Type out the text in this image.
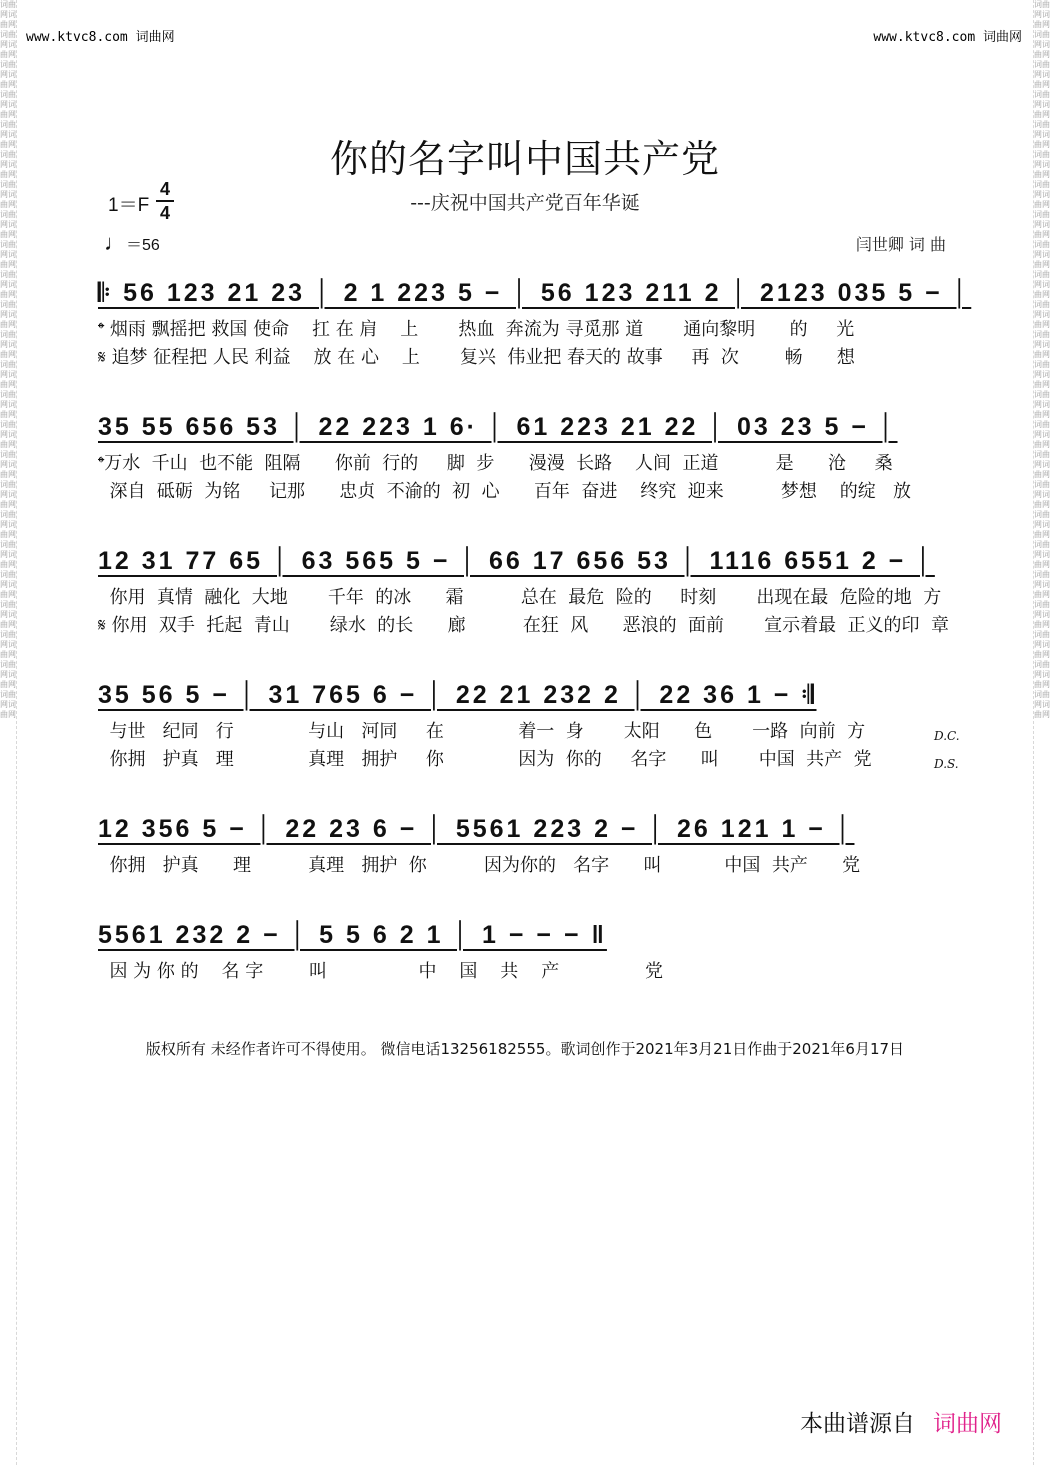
词曲网词曲网词曲网词曲网词曲网词曲网词曲网词曲网词曲网词曲网词曲网词曲网词曲网词曲网词曲网词曲网词曲网词曲网词曲网词曲网词曲网词曲网词曲网词曲网词曲网词曲网词曲网词曲网词曲网词曲网词曲网词曲网词曲网词曲网词曲网词曲网词曲网词曲网词曲网词曲网词曲网词曲网词曲网词曲网词曲网词曲网词曲网词曲网
词曲网词曲网词曲网词曲网词曲网词曲网词曲网词曲网词曲网词曲网词曲网词曲网词曲网词曲网词曲网词曲网词曲网词曲网词曲网词曲网词曲网词曲网词曲网词曲网词曲网词曲网词曲网词曲网词曲网词曲网词曲网词曲网词曲网词曲网词曲网词曲网词曲网词曲网词曲网词曲网词曲网词曲网词曲网词曲网词曲网词曲网词曲网词曲网
www.ktvc8.com 词曲网	www.ktvc8.com 词曲网
你的名字叫中国共产党
---庆祝中国共产党百年华诞
1＝F
4
4
♩＝56	闫世卿 词 曲
𝄆 56 123 21 23 │ 2 1 223 5 − │ 56 123 211 2 │ 2123 035 5 − │
𝄌 烟雨 飘摇把 救国 使命    扛 在 肩    上       热血  奔流为 寻觅那 道       通向黎明      的     光
𝄋 追梦 征程把 人民 利益    放 在 心    上       复兴  伟业把 春天的 故事     再  次        畅      想
35 55 656 53 │ 22 223 1 6· │ 61 223 21 22 │ 03 23 5 − │
𝄌万水  千山  也不能  阻隔      你前  行的     脚  步      漫漫  长路    人间  正道          是      沧     桑
深自  砥砺  为铭     记那      忠贞  不渝的  初  心      百年  奋进    终究  迎来          梦想    的绽   放
12 31 77 65 │ 63 565 5 − │ 66 17 656 53 │ 1116 6551 2 − │
你用  真情  融化  大地       千年  的冰      霜          总在  最危  险的     时刻       出现在最  危险的地  方
𝄋 你用  双手  托起  青山       绿水  的长      廊          在狂  风      恶浪的  面前       宣示着最  正义的印  章
35 56 5 − │ 31 765 6 − │ 22 21 232 2 │ 22 36 1 − 𝄇
与世   纪同   行             与山   河同     在             着一  身       太阳      色       一路  向前  方
你拥   护真   理             真理   拥护     你             因为  你的     名字      叫       中国  共产  党
D.C.
D.S.
12 356 5 − │ 22 23 6 − │ 5561 223 2 − │ 26 121 1 − │
你拥   护真      理          真理   拥护  你          因为你的   名字      叫           中国  共产      党
5561 232 2 − │ 5 5 6 2 1 │ 1 − − − ‖
因 为 你 的    名 字        叫                中    国    共    产               党
版权所有 未经作者许可不得使用。 微信电话13256182555。歌词创作于2021年3月21日作曲于2021年6月17日
本曲谱源自 词曲网
